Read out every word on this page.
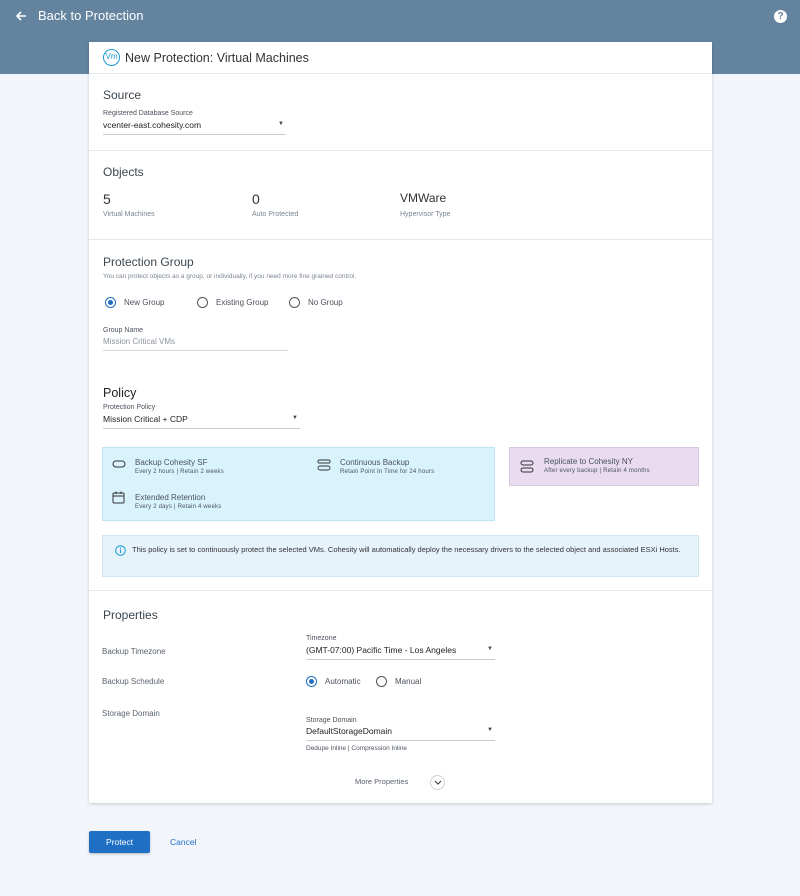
Back to Protection	?
Vm New Protection: Virtual Machines
Source
Registered Database Source
vcenter-east.cohesity.com	▼
Objects
5
Virtual Machines
0
Auto Protected
VMWare
Hypervisor Type
Protection Group
You can protect objects as a group, or individually, if you need more fine grained control.
New Group	Existing Group	No Group
Group Name
Mission Critical VMs
Policy
Protection Policy
Mission Critical + CDP	▼
Backup Cohesity SF
Every 2 hours | Retain 2 weeks
Continuous Backup
Retain Point In Time for 24 hours
Extended Retention
Every 2 days | Retain 4 weeks
Replicate to Cohesity NY
After every backup | Retain 4 months
This policy is set to continuously protect the selected VMs. Cohesity will automatically deploy the necessary drivers to the selected object and associated ESXi Hosts.
Properties
Backup Timezone
Timezone
(GMT-07:00) Pacific Time - Los Angeles	▼
Backup Schedule	Automatic	Manual
Storage Domain
Storage Domain
DefaultStorageDomain	▼
Dedupe Inline | Compression Inline
More Properties
Protect	Cancel
